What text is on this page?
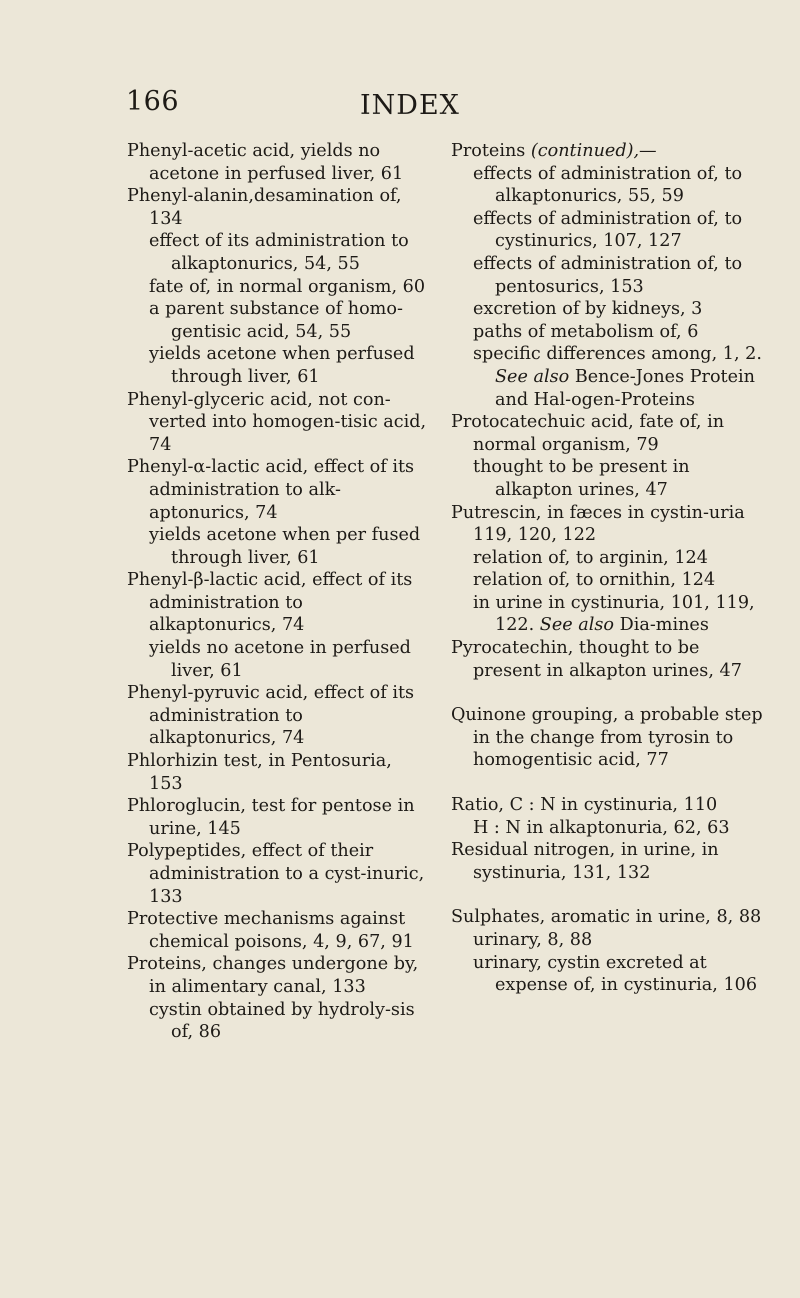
166	INDEX

Phenyl-acetic acid, yields no acetone in perfused liver, 61

Phenyl-alanin,desamination of, 134

effect of its administration to alkaptonurics, 54, 55

fate of, in normal organism, 60

a parent substance of homo-gentisic acid, 54, 55

yields acetone when perfused through liver, 61

Phenyl-glyceric acid, not con-verted into homogen-tisic acid, 74

Phenyl-α-lactic acid, effect of its administration to alk-aptonurics, 74

yields acetone when per fused through liver, 61

Phenyl-β-lactic acid, effect of its administration to alkaptonurics, 74

yields no acetone in perfused liver, 61

Phenyl-pyruvic acid, effect of its administration to alkaptonurics, 74

Phlorhizin test, in Pentosuria, 153

Phloroglucin, test for pentose in urine, 145

Polypeptides, effect of their administration to a cyst-inuric, 133

Protective mechanisms against chemical poisons, 4, 9, 67, 91

Proteins, changes undergone by, in alimentary canal, 133

cystin obtained by hydroly-sis of, 86

Proteins (continued),—

effects of administration of, to alkaptonurics, 55, 59

effects of administration of, to cystinurics, 107, 127

effects of administration of, to pentosurics, 153

excretion of by kidneys, 3

paths of metabolism of, 6

specific differences among, 1, 2. See also Bence-Jones Protein and Hal-ogen-Proteins

Protocatechuic acid, fate of, in normal organism, 79

thought to be present in alkapton urines, 47

Putrescin, in fæces in cystin-uria 119, 120, 122

relation of, to arginin, 124

relation of, to ornithin, 124

in urine in cystinuria, 101, 119, 122. See also Dia-mines

Pyrocatechin, thought to be present in alkapton urines, 47

Quinone grouping, a probable step in the change from tyrosin to homogentisic acid, 77

Ratio, C : N in cystinuria, 110

H : N in alkaptonuria, 62, 63

Residual nitrogen, in urine, in systinuria, 131, 132

Sulphates, aromatic in urine, 8, 88

urinary, 8, 88

urinary, cystin excreted at expense of, in cystinuria, 106
